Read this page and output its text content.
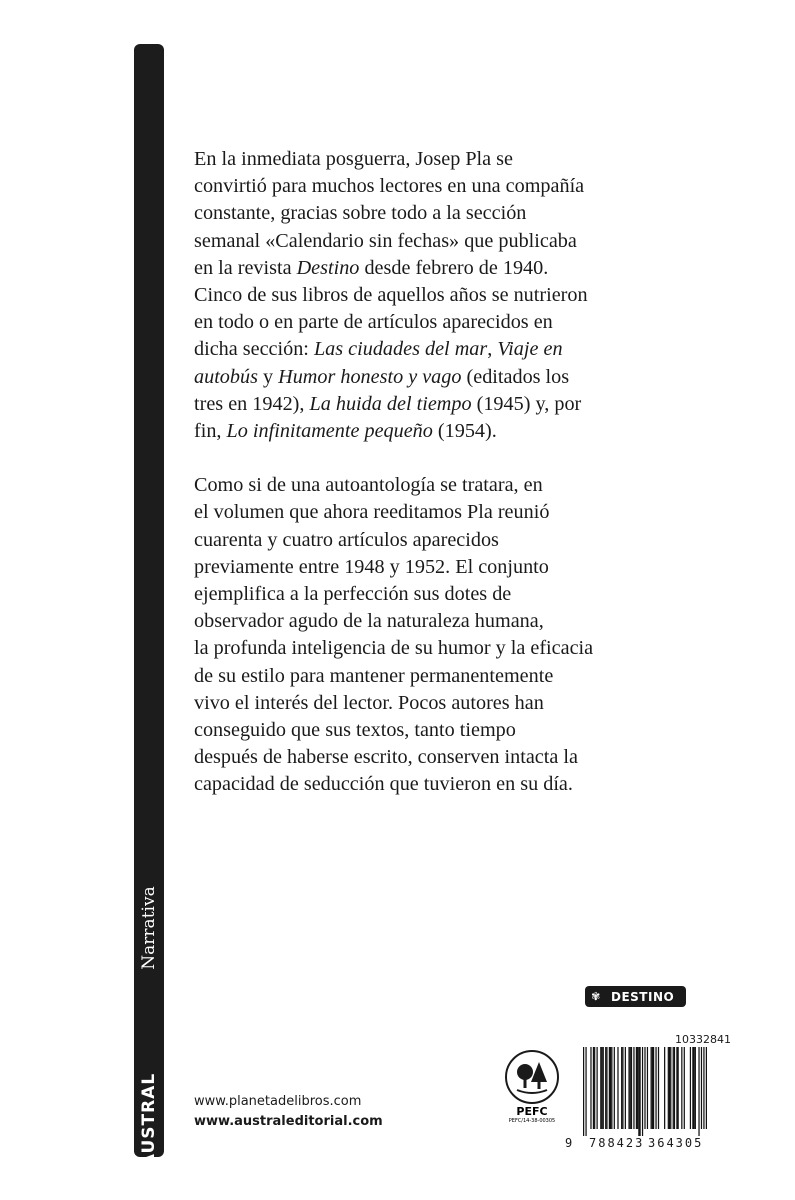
AUSTRAL
Narrativa

En la inmediata posguerra, Josep Pla se
convirtió para muchos lectores en una compañía
constante, gracias sobre todo a la sección
semanal «Calendario sin fechas» que publicaba
en la revista Destino desde febrero de 1940.
Cinco de sus libros de aquellos años se nutrieron
en todo o en parte de artículos aparecidos en
dicha sección: Las ciudades del mar, Viaje en
autobús y Humor honesto y vago (editados los
tres en 1942), La huida del tiempo (1945) y, por
fin, Lo infinitamente pequeño (1954).

Como si de una autoantología se tratara, en
el volumen que ahora reeditamos Pla reunió
cuarenta y cuatro artículos aparecidos
previamente entre 1948 y 1952. El conjunto
ejemplifica a la perfección sus dotes de
observador agudo de la naturaleza humana,
la profunda inteligencia de su humor y la eficacia
de su estilo para mantener permanentemente
vivo el interés del lector. Pocos autores han
conseguido que sus textos, tanto tiempo
después de haberse escrito, conserven intacta la
capacidad de seducción que tuvieron en su día.

✾ DESTINO
www.planetadelibros.com
www.australeditorial.com
PEFC
PEFC/14-38-00305
10332841
9 788423 364305
